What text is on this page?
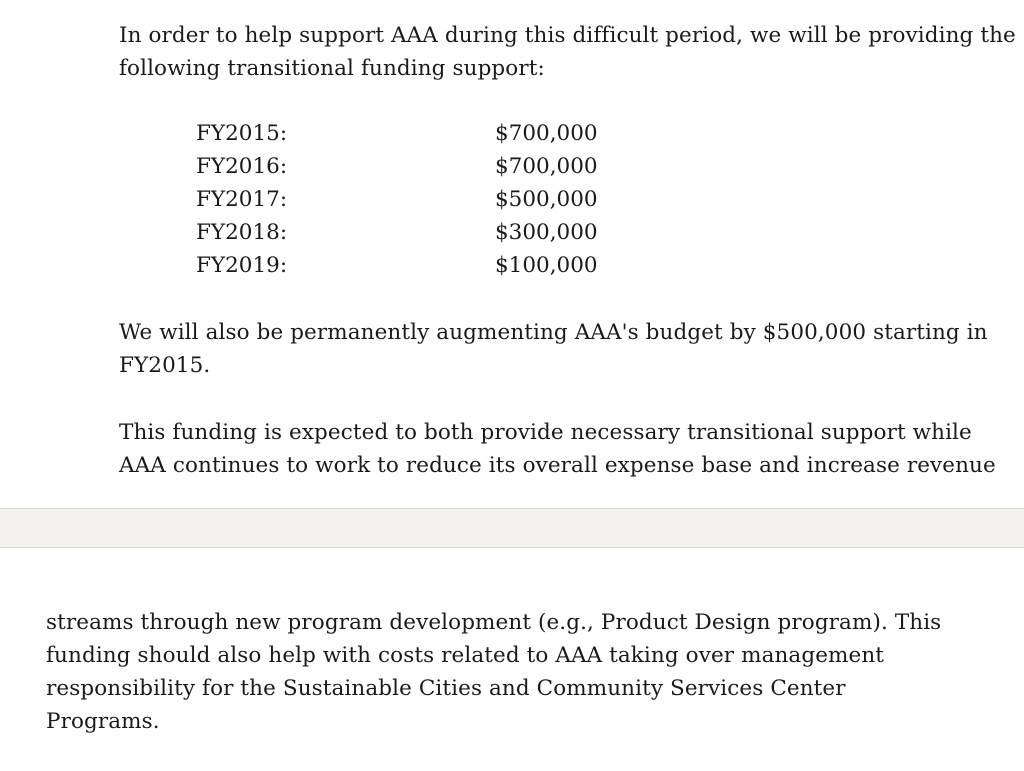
In order to help support AAA during this difficult period, we will be providing the
following transitional funding support:

FY2015:	$700,000
FY2016:	$700,000
FY2017:	$500,000
FY2018:	$300,000
FY2019:	$100,000

We will also be permanently augmenting AAA's budget by $500,000 starting in
FY2015.

This funding is expected to both provide necessary transitional support while
AAA continues to work to reduce its overall expense base and increase revenue

streams through new program development (e.g., Product Design program). This
funding should also help with costs related to AAA taking over management
responsibility for the Sustainable Cities and Community Services Center
Programs.
